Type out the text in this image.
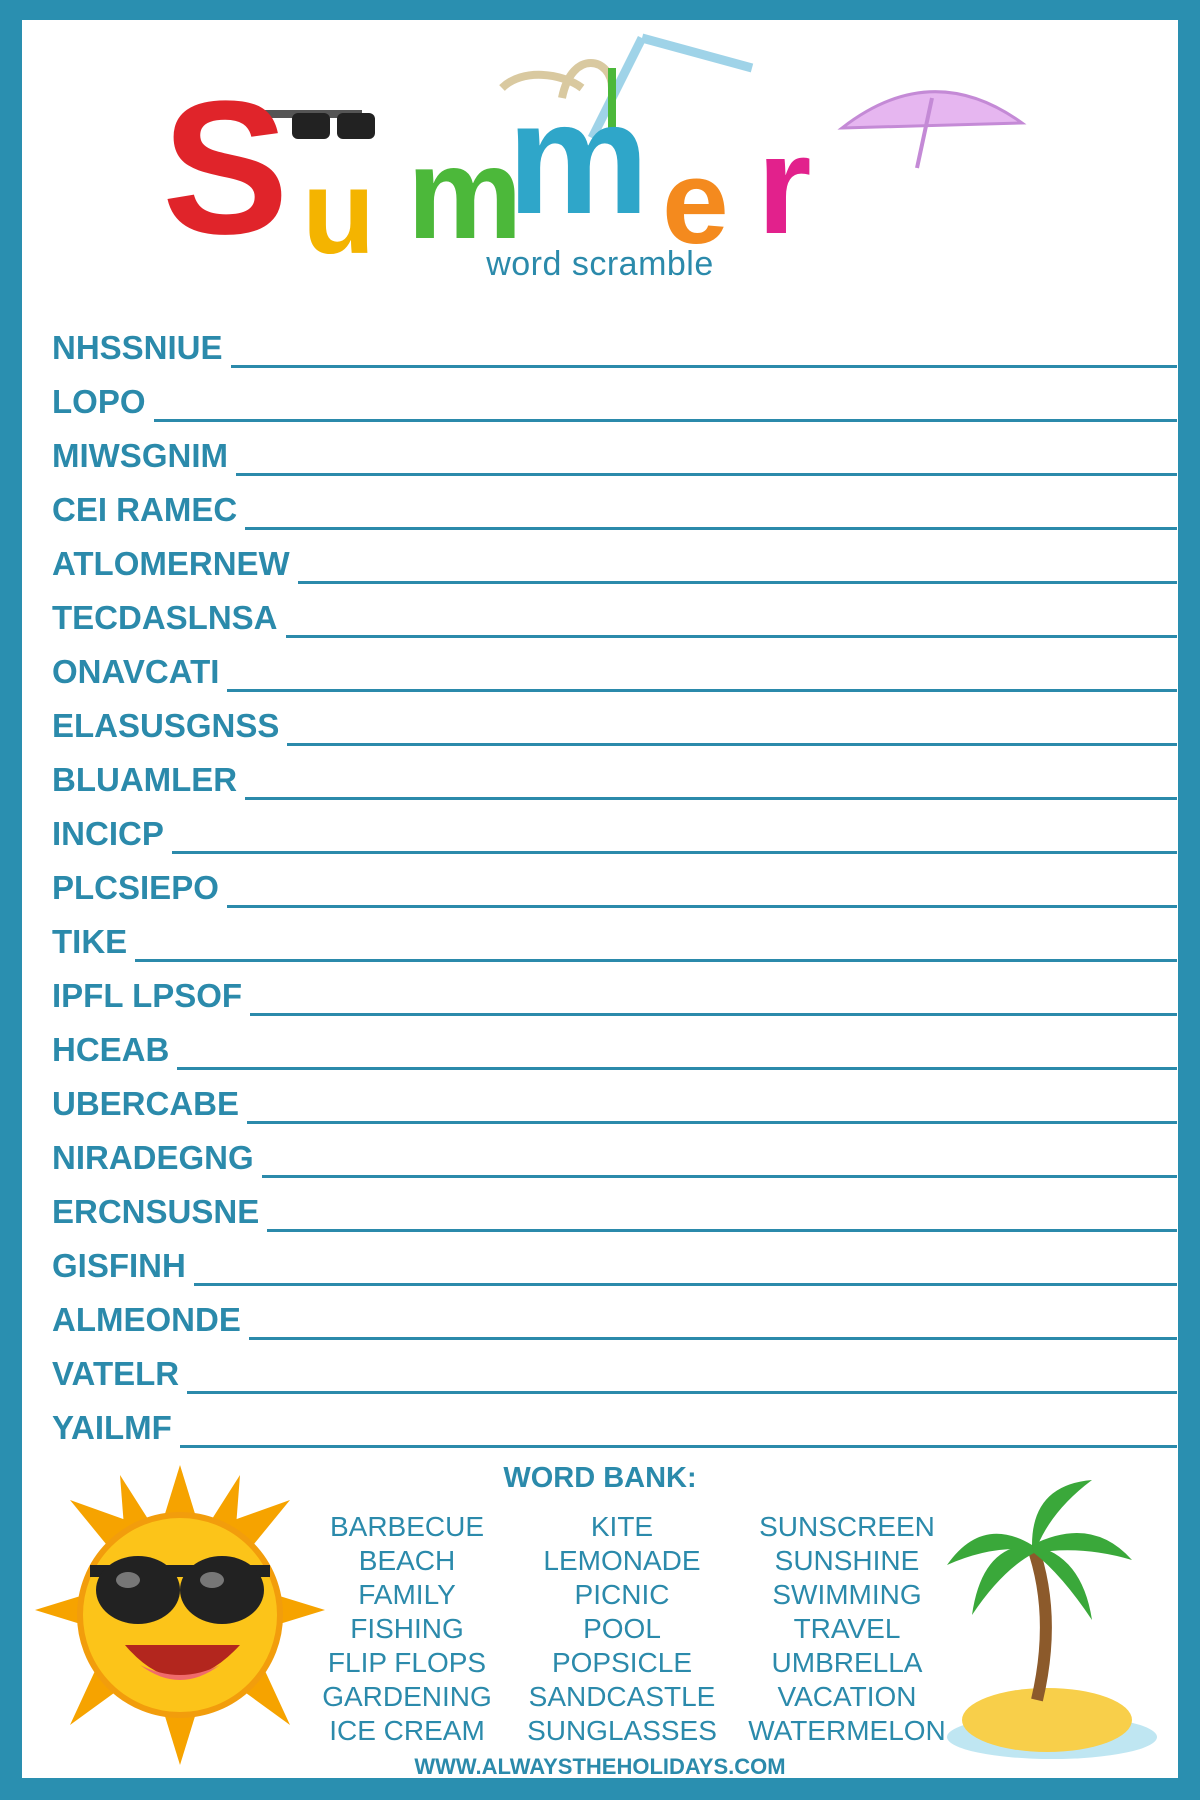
S u m
m e r
word scramble
NHSSNIUE
LOPO
MIWSGNIM
CEI RAMEC
ATLOMERNEW
TECDASLNSA
ONAVCATI
ELASUSGNSS
BLUAMLER
INCICP
PLCSIEPO
TIKE
IPFL LPSOF
HCEAB
UBERCABE
NIRADEGNG
ERCNSUSNE
GISFINH
ALMEONDE
VATELR
YAILMF
WORD BANK:
BARBECUE
BEACH
FAMILY
FISHING
FLIP FLOPS
GARDENING
ICE CREAM
KITE
LEMONADE
PICNIC
POOL
POPSICLE
SANDCASTLE
SUNGLASSES
SUNSCREEN
SUNSHINE
SWIMMING
TRAVEL
UMBRELLA
VACATION
WATERMELON
WWW.ALWAYSTHEHOLIDAYS.COM
